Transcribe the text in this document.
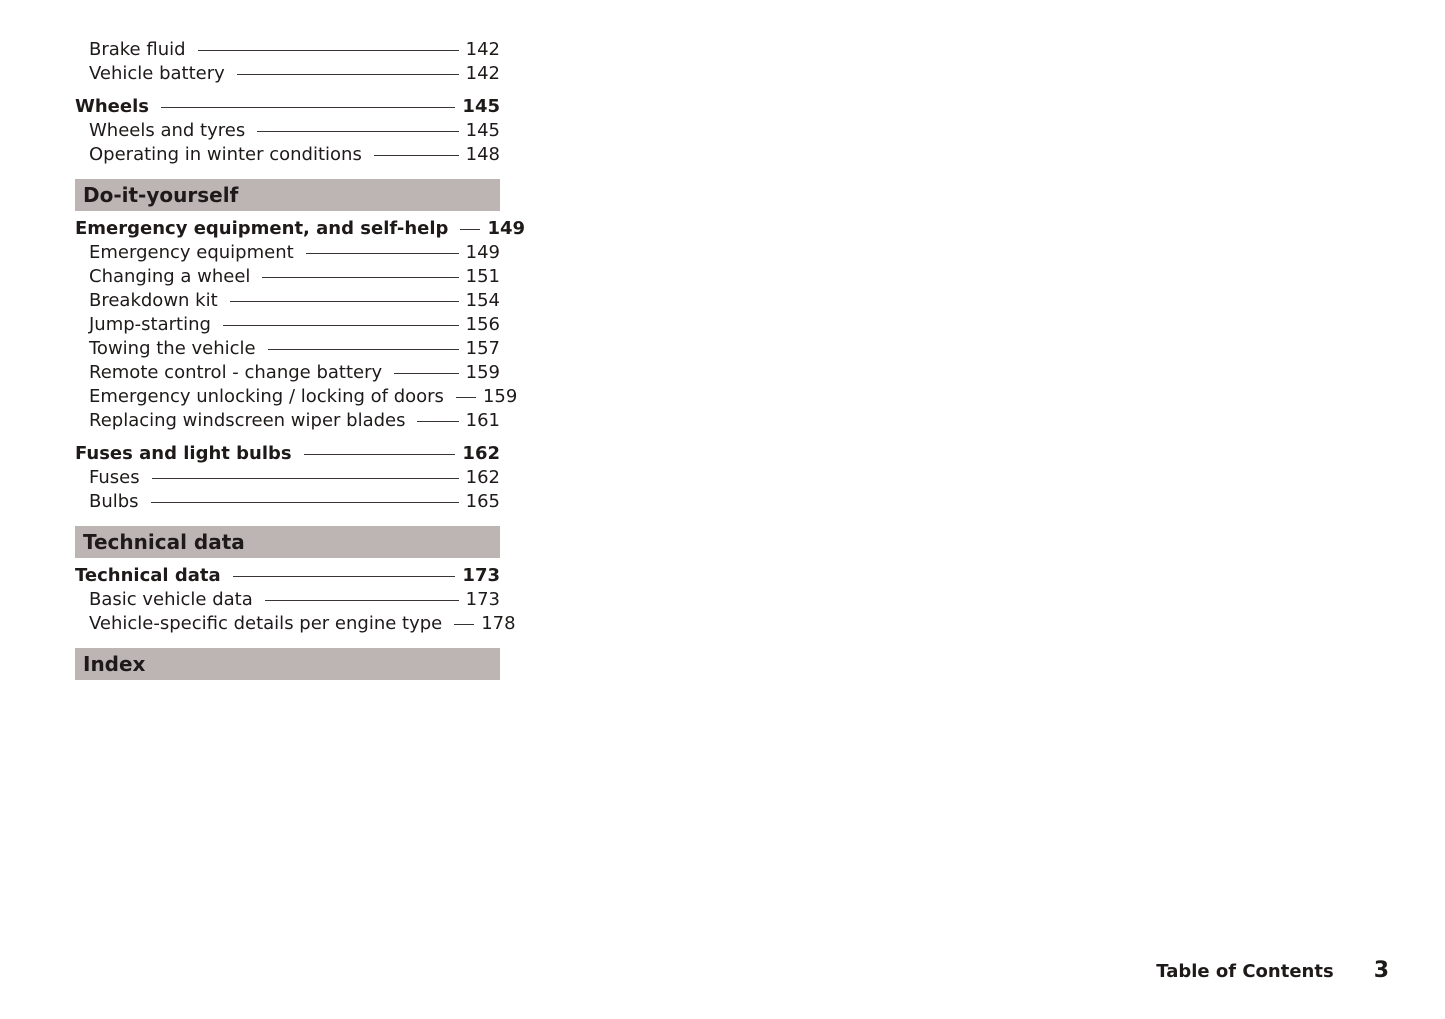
Brake fluid	142
Vehicle battery	142
Wheels	145
Wheels and tyres	145
Operating in winter conditions	148
Do-it-yourself
Emergency equipment, and self-help 149
Emergency equipment	149
Changing a wheel	151
Breakdown kit	154
Jump-starting	156
Towing the vehicle	157
Remote control - change battery	159
Emergency unlocking / locking of doors 159
Replacing windscreen wiper blades	161
Fuses and light bulbs	162
Fuses	162
Bulbs	165
Technical data
Technical data	173
Basic vehicle data	173
Vehicle-specific details per engine type 178
Index
Table of Contents 3
